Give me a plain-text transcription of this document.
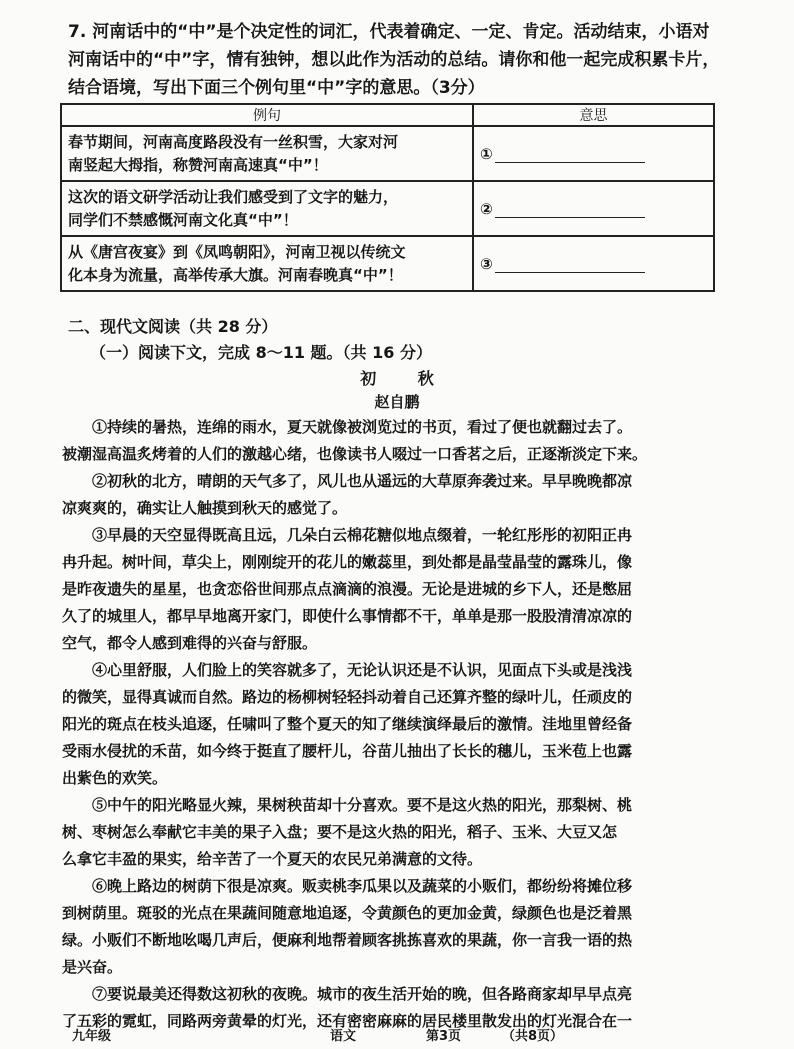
7. 河南话中的“中”是个决定性的词汇，代表着确定、一定、肯定。活动结束，小语对
河南话中的“中”字，情有独钟，想以此作为活动的总结。请你和他一起完成积累卡片，
结合语境，写出下面三个例句里“中”字的意思。（3分）
例句	意思

春节期间，河南高度路段没有一丝积雪，大家对河
南竖起大拇指，称赞河南高速真“中”！	①

这次的语文研学活动让我们感受到了文字的魅力，
同学们不禁感慨河南文化真“中”！	②

从《唐宫夜宴》到《凤鸣朝阳》，河南卫视以传统文
化本身为流量，高举传承大旗。河南春晚真“中”！	③
二、现代文阅读（共 28 分）
（一）阅读下文，完成 8～11 题。（共 16 分）
初 秋
赵自鹏
　　①持续的暑热，连绵的雨水，夏天就像被浏览过的书页，看过了便也就翻过去了。
被潮湿高温炙烤着的人们的激越心绪，也像读书人啜过一口香茗之后，正逐渐淡定下来。
　　②初秋的北方，晴朗的天气多了，风儿也从遥远的大草原奔袭过来。早早晚晚都凉
凉爽爽的，确实让人触摸到秋天的感觉了。
　　③早晨的天空显得既高且远，几朵白云棉花糖似地点缀着，一轮红彤彤的初阳正冉
冉升起。树叶间，草尖上，刚刚绽开的花儿的嫩蕊里，到处都是晶莹晶莹的露珠儿，像
是昨夜遗失的星星，也贪恋俗世间那点点滴滴的浪漫。无论是进城的乡下人，还是憋屈
久了的城里人，都早早地离开家门，即使什么事情都不干，单单是那一股股清清凉凉的
空气，都令人感到难得的兴奋与舒服。
　　④心里舒服，人们脸上的笑容就多了，无论认识还是不认识，见面点下头或是浅浅
的微笑，显得真诚而自然。路边的杨柳树轻轻抖动着自己还算齐整的绿叶儿，任顽皮的
阳光的斑点在枝头追逐，任啸叫了整个夏天的知了继续演绎最后的激情。洼地里曾经备
受雨水侵扰的禾苗，如今终于挺直了腰杆儿，谷苗儿抽出了长长的穗儿，玉米苞上也露
出紫色的欢笑。
　　⑤中午的阳光略显火辣，果树秧苗却十分喜欢。要不是这火热的阳光，那梨树、桃
树、枣树怎么奉献它丰美的果子入盘；要不是这火热的阳光，稻子、玉米、大豆又怎
么拿它丰盈的果实，给辛苦了一个夏天的农民兄弟满意的文待。
　　⑥晚上路边的树荫下很是凉爽。贩卖桃李瓜果以及蔬菜的小贩们，都纷纷将摊位移
到树荫里。斑驳的光点在果蔬间随意地追逐，令黄颜色的更加金黄，绿颜色也是泛着黑
绿。小贩们不断地吆喝几声后，便麻利地帮着顾客挑拣喜欢的果蔬，你一言我一语的热
是兴奋。
　　⑦要说最美还得数这初秋的夜晚。城市的夜生活开始的晚，但各路商家却早早点亮
了五彩的霓虹，同路两旁黄晕的灯光，还有密密麻麻的居民楼里散发出的灯光混合在一
九年级	语文	第3页	（共8页）
